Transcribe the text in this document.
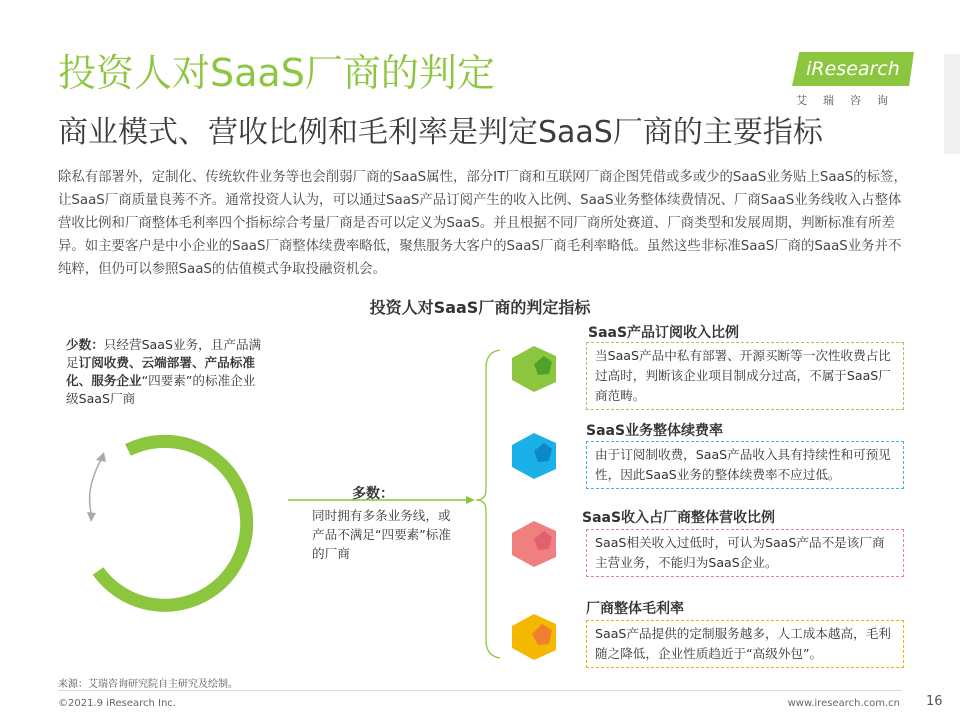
投资人对SaaS厂商的判定
商业模式、营收比例和毛利率是判定SaaS厂商的主要指标
iResearch
艾瑞咨询
除私有部署外，定制化、传统软件业务等也会削弱厂商的SaaS属性，部分IT厂商和互联网厂商企图凭借或多或少的SaaS业务贴上SaaS的标签，让SaaS厂商质量良莠不齐。通常投资人认为，可以通过SaaS产品订阅产生的收入比例、SaaS业务整体续费情况、厂商SaaS业务线收入占整体营收比例和厂商整体毛利率四个指标综合考量厂商是否可以定义为SaaS。并且根据不同厂商所处赛道、厂商类型和发展周期，判断标准有所差异。如主要客户是中小企业的SaaS厂商整体续费率略低，聚焦服务大客户的SaaS厂商毛利率略低。虽然这些非标准SaaS厂商的SaaS业务并不纯粹，但仍可以参照SaaS的估值模式争取投融资机会。
投资人对SaaS厂商的判定指标
少数：只经营SaaS业务，且产品满足订阅收费、云端部署、产品标准化、服务企业“四要素”的标准企业级SaaS厂商
多数：
同时拥有多条业务线，或产品不满足“四要素”标准的厂商
SaaS产品订阅收入比例
当SaaS产品中私有部署、开源买断等一次性收费占比过高时，判断该企业项目制成分过高，不属于SaaS厂商范畴。
SaaS业务整体续费率
由于订阅制收费，SaaS产品收入具有持续性和可预见性，因此SaaS业务的整体续费率不应过低。
SaaS收入占厂商整体营收比例
SaaS相关收入过低时，可认为SaaS产品不是该厂商主营业务，不能归为SaaS企业。
厂商整体毛利率
SaaS产品提供的定制服务越多，人工成本越高，毛利随之降低，企业性质趋近于“高级外包”。
来源：艾瑞咨询研究院自主研究及绘制。
©2021.9 iResearch Inc.	www.iresearch.com.cn 16
